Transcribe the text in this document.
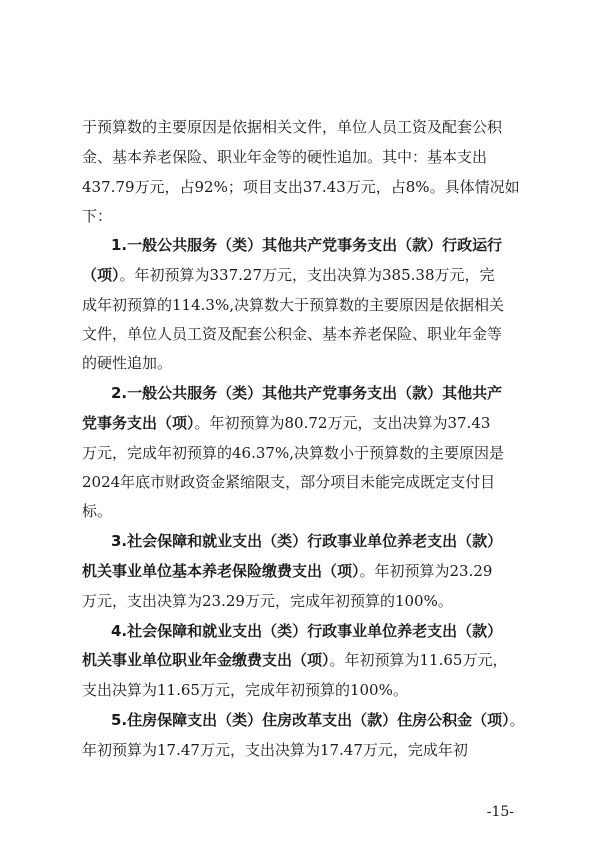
于预算数的主要原因是依据相关文件，单位人员工资及配套公积
金、基本养老保险、职业年金等的硬性追加。其中：基本支出
437.79万元，占92%；项目支出37.43万元，占8%。具体情况如
下：
1.一般公共服务（类）其他共产党事务支出（款）行政运行
（项）。年初预算为337.27万元，支出决算为385.38万元，完
成年初预算的114.3%,决算数大于预算数的主要原因是依据相关
文件，单位人员工资及配套公积金、基本养老保险、职业年金等
的硬性追加。
2.一般公共服务（类）其他共产党事务支出（款）其他共产
党事务支出（项）。年初预算为80.72万元，支出决算为37.43
万元，完成年初预算的46.37%,决算数小于预算数的主要原因是
2024年底市财政资金紧缩限支，部分项目未能完成既定支付目
标。
3.社会保障和就业支出（类）行政事业单位养老支出（款）
机关事业单位基本养老保险缴费支出（项）。年初预算为23.29
万元，支出决算为23.29万元，完成年初预算的100%。
4.社会保障和就业支出（类）行政事业单位养老支出（款）
机关事业单位职业年金缴费支出（项）。年初预算为11.65万元，
支出决算为11.65万元，完成年初预算的100%。
5.住房保障支出（类）住房改革支出（款）住房公积金（项）。
年初预算为17.47万元，支出决算为17.47万元，完成年初
-15-
